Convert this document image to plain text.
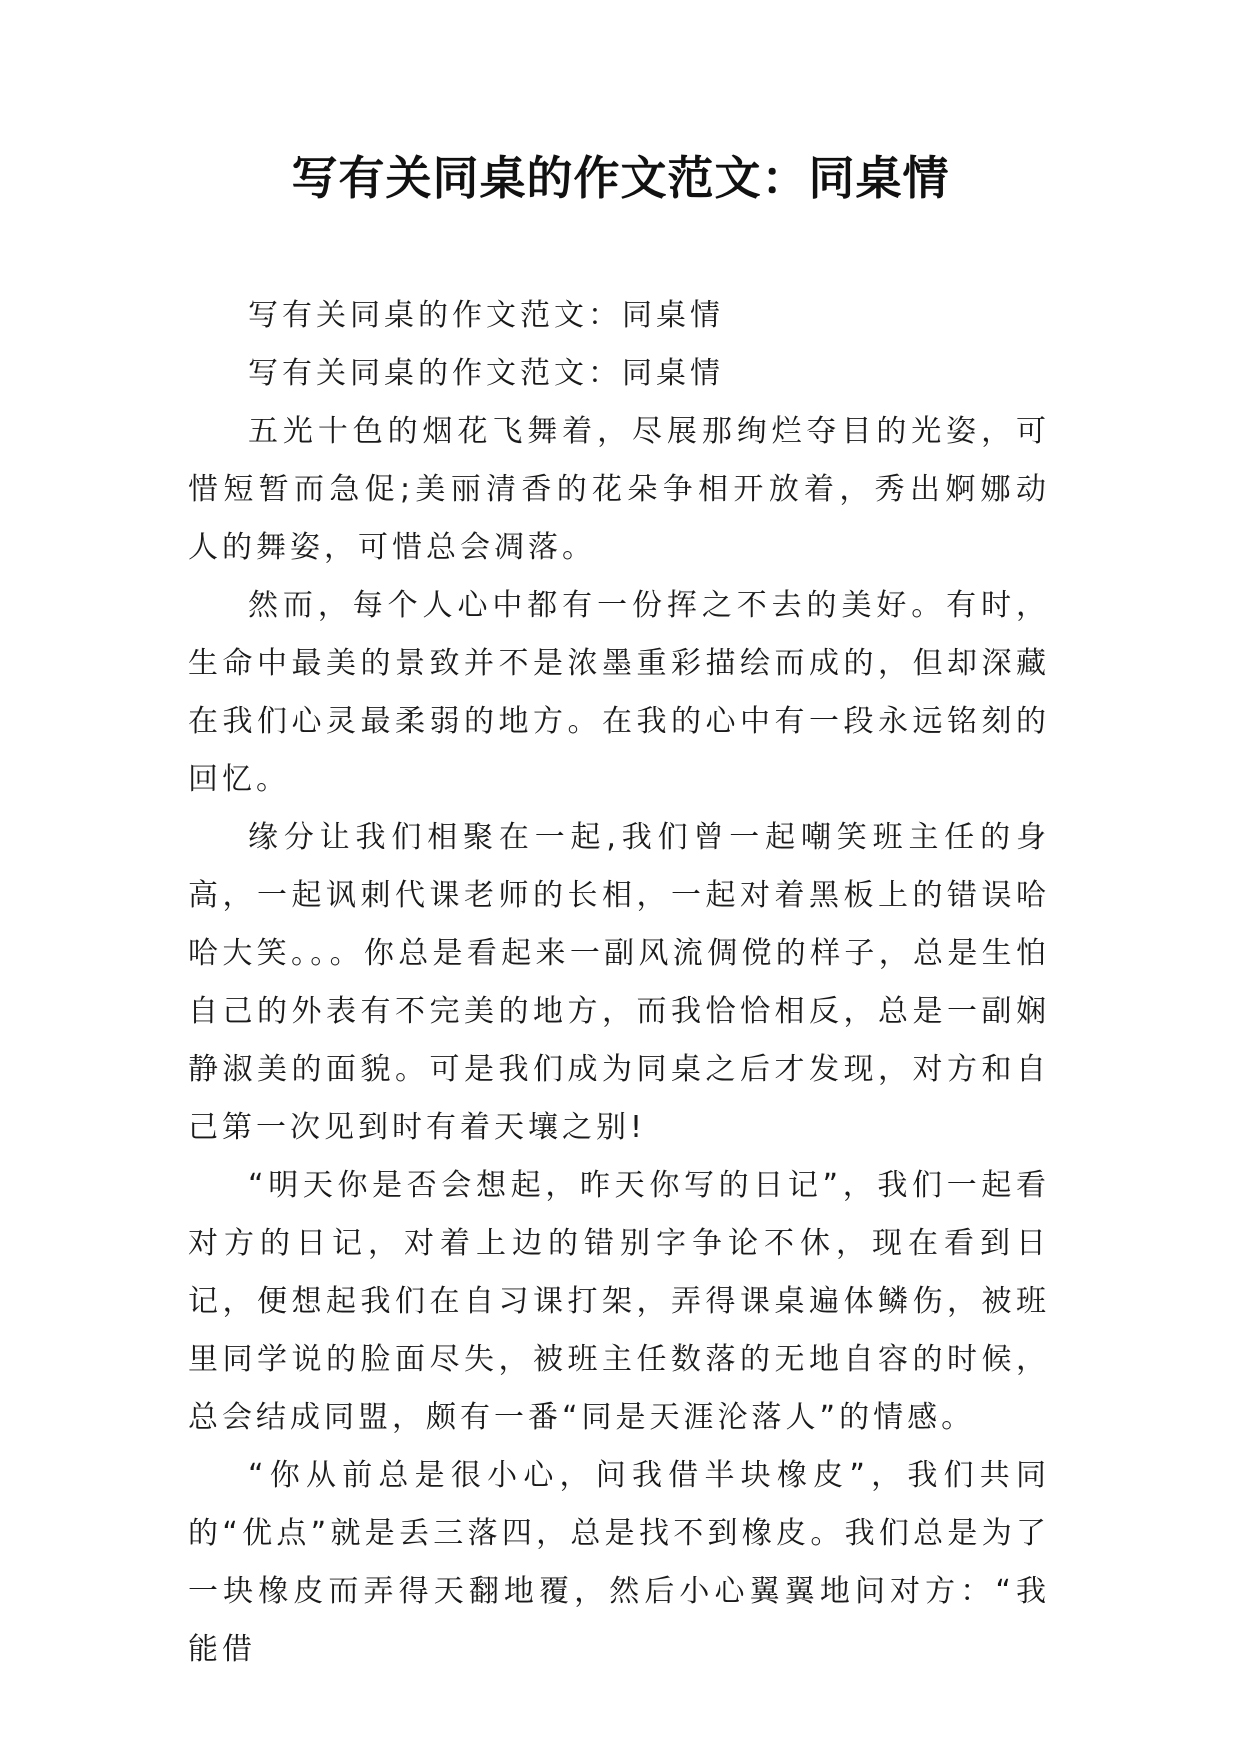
写有关同桌的作文范文：同桌情

写有关同桌的作文范文：同桌情

写有关同桌的作文范文：同桌情

五光十色的烟花飞舞着，尽展那绚烂夺目的光姿，可惜短暂而急促;美丽清香的花朵争相开放着，秀出婀娜动人的舞姿，可惜总会凋落。

然而，每个人心中都有一份挥之不去的美好。有时，生命中最美的景致并不是浓墨重彩描绘而成的，但却深藏在我们心灵最柔弱的地方。在我的心中有一段永远铭刻的回忆。

缘分让我们相聚在一起,我们曾一起嘲笑班主任的身高，一起讽刺代课老师的长相，一起对着黑板上的错误哈哈大笑。。。你总是看起来一副风流倜傥的样子，总是生怕自己的外表有不完美的地方，而我恰恰相反，总是一副娴静淑美的面貌。可是我们成为同桌之后才发现，对方和自己第一次见到时有着天壤之别!

“明天你是否会想起，昨天你写的日记”，我们一起看对方的日记，对着上边的错别字争论不休，现在看到日记，便想起我们在自习课打架，弄得课桌遍体鳞伤，被班里同学说的脸面尽失，被班主任数落的无地自容的时候，总会结成同盟，颇有一番“同是天涯沦落人”的情感。

“你从前总是很小心，问我借半块橡皮”，我们共同的“优点”就是丢三落四，总是找不到橡皮。我们总是为了一块橡皮而弄得天翻地覆，然后小心翼翼地问对方：“我能借
